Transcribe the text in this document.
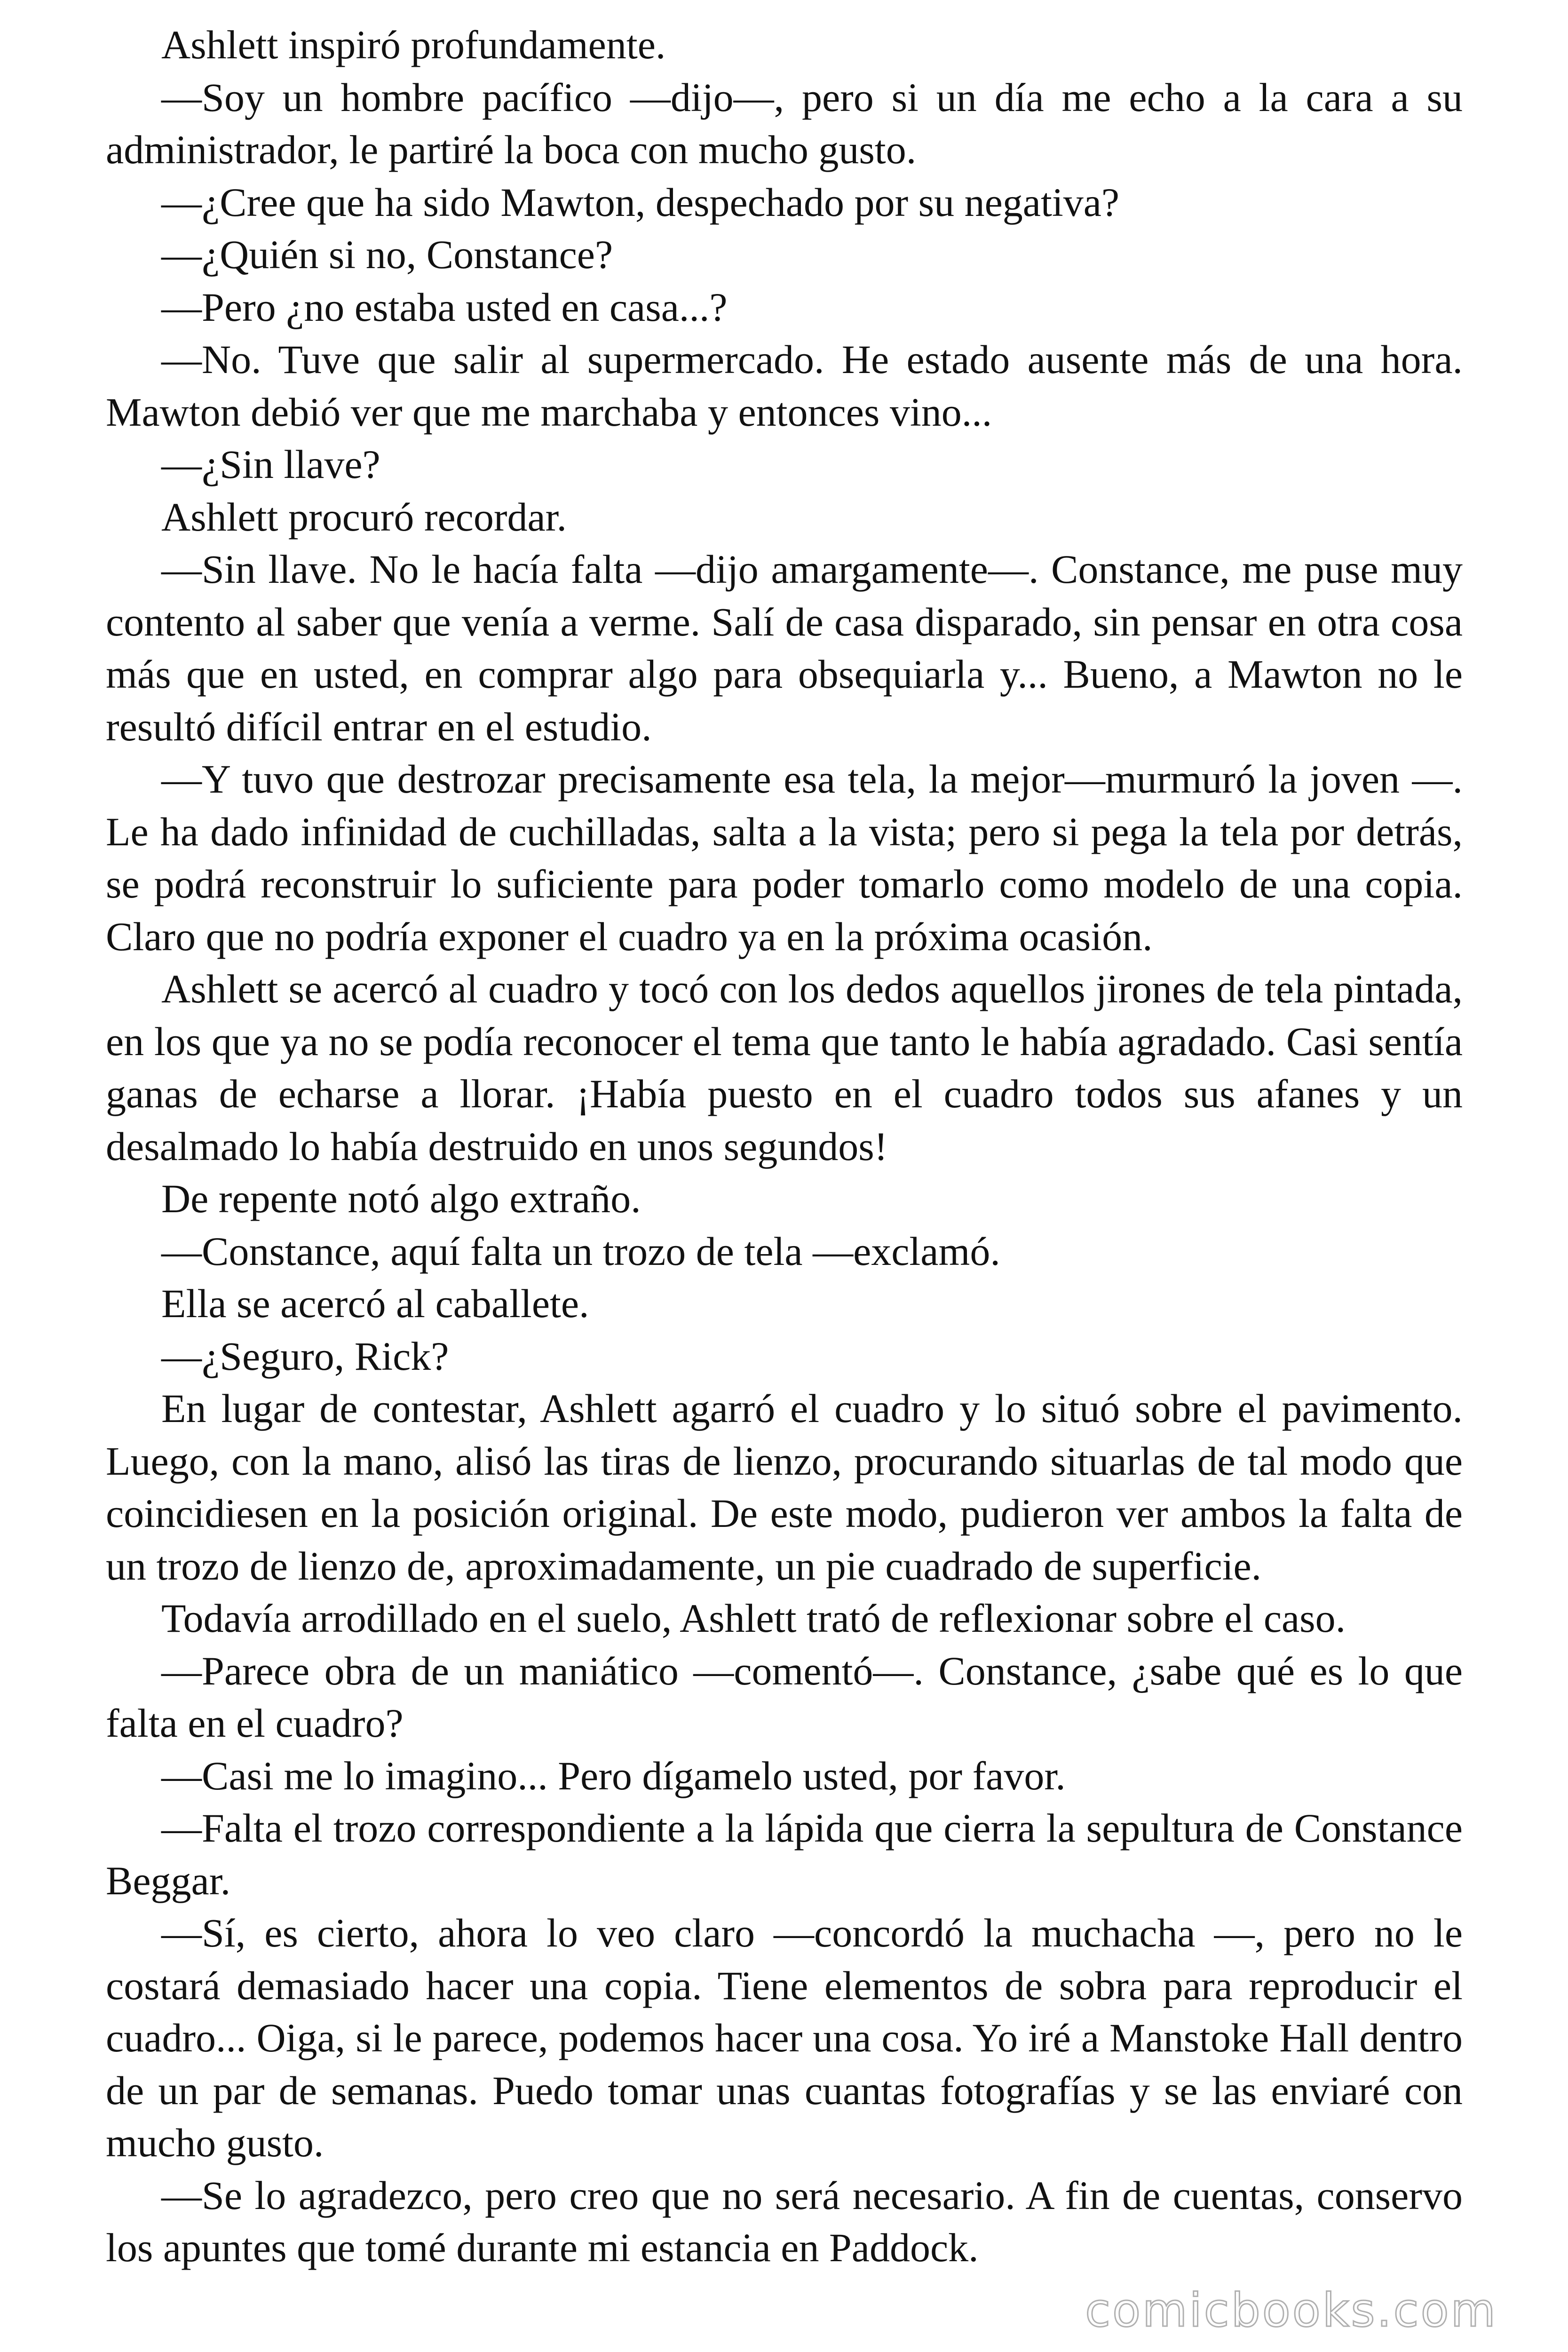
Ashlett inspiró profundamente.

—Soy un hombre pacífico —dijo—, pero si un día me echo a la cara a su administrador, le partiré la boca con mucho gusto.

—¿Cree que ha sido Mawton, despechado por su negativa?

—¿Quién si no, Constance?

—Pero ¿no estaba usted en casa...?

—No. Tuve que salir al supermercado. He estado ausente más de una hora. Mawton debió ver que me marchaba y entonces vino...

—¿Sin llave?

Ashlett procuró recordar.

—Sin llave. No le hacía falta —dijo amargamente—. Constance, me puse muy contento al saber que venía a verme. Salí de casa disparado, sin pensar en otra cosa más que en usted, en comprar algo para obsequiarla y... Bueno, a Mawton no le resultó difícil entrar en el estudio.

—Y tuvo que destrozar precisamente esa tela, la mejor—murmuró la joven —. Le ha dado infinidad de cuchilladas, salta a la vista; pero si pega la tela por detrás, se podrá reconstruir lo suficiente para poder tomarlo como modelo de una copia. Claro que no podría exponer el cuadro ya en la próxima ocasión.

Ashlett se acercó al cuadro y tocó con los dedos aquellos jirones de tela pintada, en los que ya no se podía reconocer el tema que tanto le había agradado. Casi sentía ganas de echarse a llorar. ¡Había puesto en el cuadro todos sus afanes y un desalmado lo había destruido en unos segundos!

De repente notó algo extraño.

—Constance, aquí falta un trozo de tela —exclamó.

Ella se acercó al caballete.

—¿Seguro, Rick?

En lugar de contestar, Ashlett agarró el cuadro y lo situó sobre el pavimento. Luego, con la mano, alisó las tiras de lienzo, procurando situarlas de tal modo que coincidiesen en la posición original. De este modo, pudieron ver ambos la falta de un trozo de lienzo de, aproximadamente, un pie cuadrado de superficie.

Todavía arrodillado en el suelo, Ashlett trató de reflexionar sobre el caso.

—Parece obra de un maniático —comentó—. Constance, ¿sabe qué es lo que falta en el cuadro?

—Casi me lo imagino... Pero dígamelo usted, por favor.

—Falta el trozo correspondiente a la lápida que cierra la sepultura de Constance Beggar.

—Sí, es cierto, ahora lo veo claro —concordó la muchacha —, pero no le costará demasiado hacer una copia. Tiene elementos de sobra para reproducir el cuadro... Oiga, si le parece, podemos hacer una cosa. Yo iré a Manstoke Hall dentro de un par de semanas. Puedo tomar unas cuantas fotografías y se las enviaré con mucho gusto.

—Se lo agradezco, pero creo que no será necesario. A fin de cuentas, conservo los apuntes que tomé durante mi estancia en Paddock.

comicbooks.com
